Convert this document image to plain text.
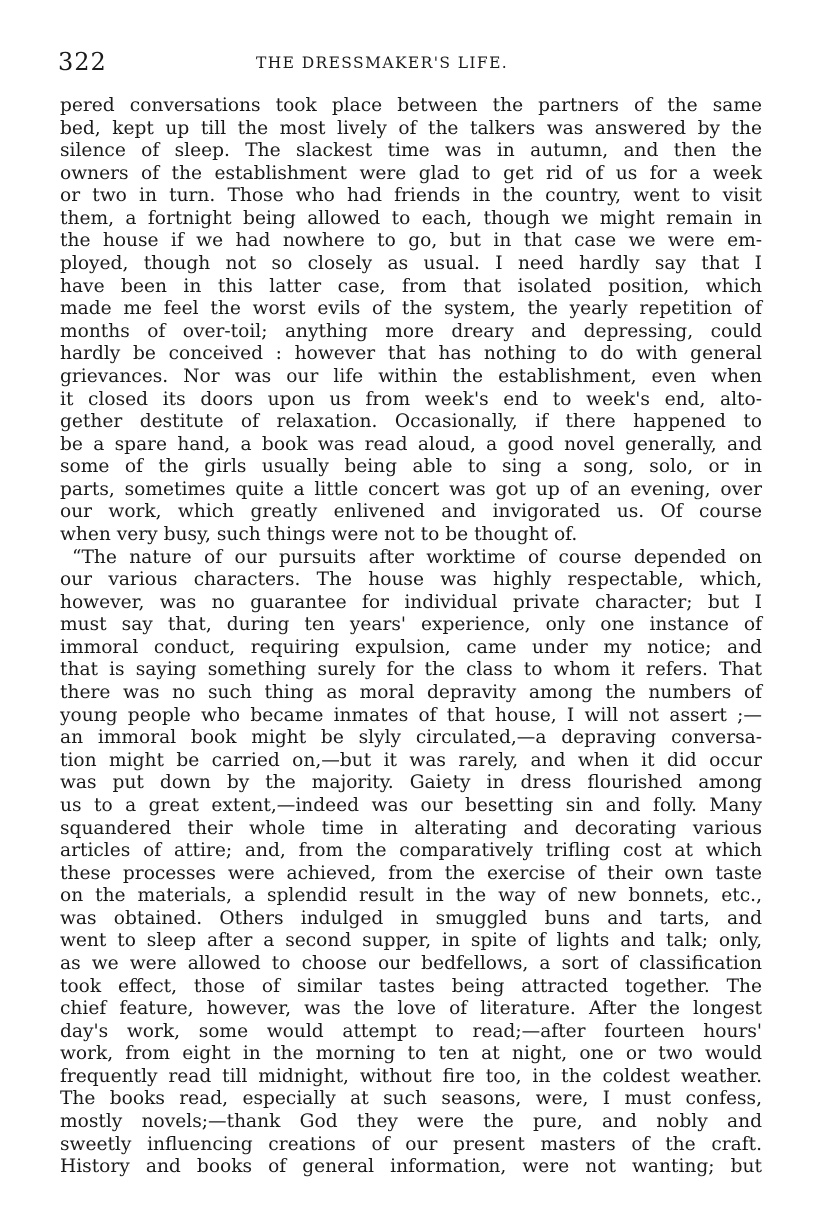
322	THE DRESSMAKER'S LIFE.
pered conversations took place between the partners of the same
bed, kept up till the most lively of the talkers was answered by the
silence of sleep. The slackest time was in autumn, and then the
owners of the establishment were glad to get rid of us for a week
or two in turn. Those who had friends in the country, went to visit
them, a fortnight being allowed to each, though we might remain in
the house if we had nowhere to go, but in that case we were em-
ployed, though not so closely as usual. I need hardly say that I
have been in this latter case, from that isolated position, which
made me feel the worst evils of the system, the yearly repetition of
months of over-toil; anything more dreary and depressing, could
hardly be conceived : however that has nothing to do with general
grievances. Nor was our life within the establishment, even when
it closed its doors upon us from week's end to week's end, alto-
gether destitute of relaxation. Occasionally, if there happened to
be a spare hand, a book was read aloud, a good novel generally, and
some of the girls usually being able to sing a song, solo, or in
parts, sometimes quite a little concert was got up of an evening, over
our work, which greatly enlivened and invigorated us. Of course
when very busy, such things were not to be thought of.
“The nature of our pursuits after worktime of course depended on
our various characters. The house was highly respectable, which,
however, was no guarantee for individual private character; but I
must say that, during ten years' experience, only one instance of
immoral conduct, requiring expulsion, came under my notice; and
that is saying something surely for the class to whom it refers. That
there was no such thing as moral depravity among the numbers of
young people who became inmates of that house, I will not assert ;—
an immoral book might be slyly circulated,—a depraving conversa-
tion might be carried on,—but it was rarely, and when it did occur
was put down by the majority. Gaiety in dress flourished among
us to a great extent,—indeed was our besetting sin and folly. Many
squandered their whole time in alterating and decorating various
articles of attire; and, from the comparatively trifling cost at which
these processes were achieved, from the exercise of their own taste
on the materials, a splendid result in the way of new bonnets, etc.,
was obtained. Others indulged in smuggled buns and tarts, and
went to sleep after a second supper, in spite of lights and talk; only,
as we were allowed to choose our bedfellows, a sort of classification
took effect, those of similar tastes being attracted together. The
chief feature, however, was the love of literature. After the longest
day's work, some would attempt to read;—after fourteen hours'
work, from eight in the morning to ten at night, one or two would
frequently read till midnight, without fire too, in the coldest weather.
The books read, especially at such seasons, were, I must confess,
mostly novels;—thank God they were the pure, and nobly and
sweetly influencing creations of our present masters of the craft.
History and books of general information, were not wanting; but
